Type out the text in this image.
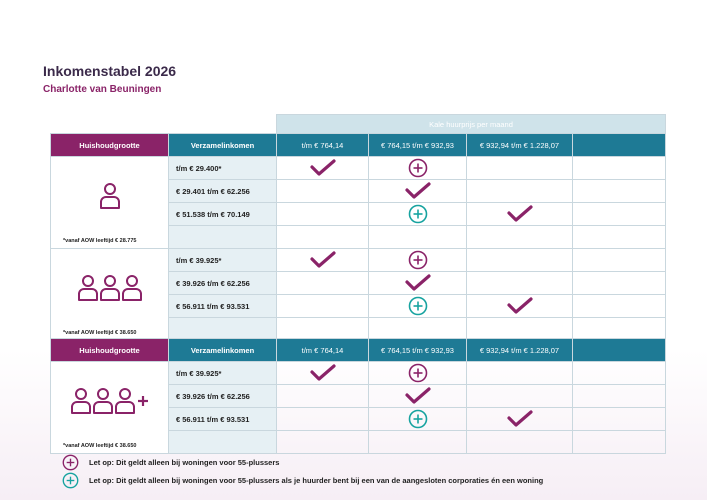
Inkomenstabel 2026
Charlotte van Beuningen
		Kale huurprijs per maand			
Huishoudgrootte	Verzamelinkomen	t/m € 764,14	€ 764,15 t/m € 932,93	€ 932,94 t/m € 1.228,07	

*vanaf AOW leeftijd € 28.775	t/m € 29.400*				
	€ 29.401 t/m € 62.256				
	€ 51.538 t/m € 70.149				

*vanaf AOW leeftijd € 38.650	t/m € 39.925*				
	€ 39.926 t/m € 62.256				
	€ 56.911 t/m € 93.531				

Huishoudgrootte	Verzamelinkomen	t/m € 764,14	€ 764,15 t/m € 932,93	€ 932,94 t/m € 1.228,07	

*vanaf AOW leeftijd € 38.650	t/m € 39.925*				
	€ 39.926 t/m € 62.256				
	€ 56.911 t/m € 93.531				

Let op: Dit geldt alleen bij woningen voor 55-plussers
Let op: Dit geldt alleen bij woningen voor 55-plussers als je huurder bent bij een van de aangesloten corporaties én een woning
